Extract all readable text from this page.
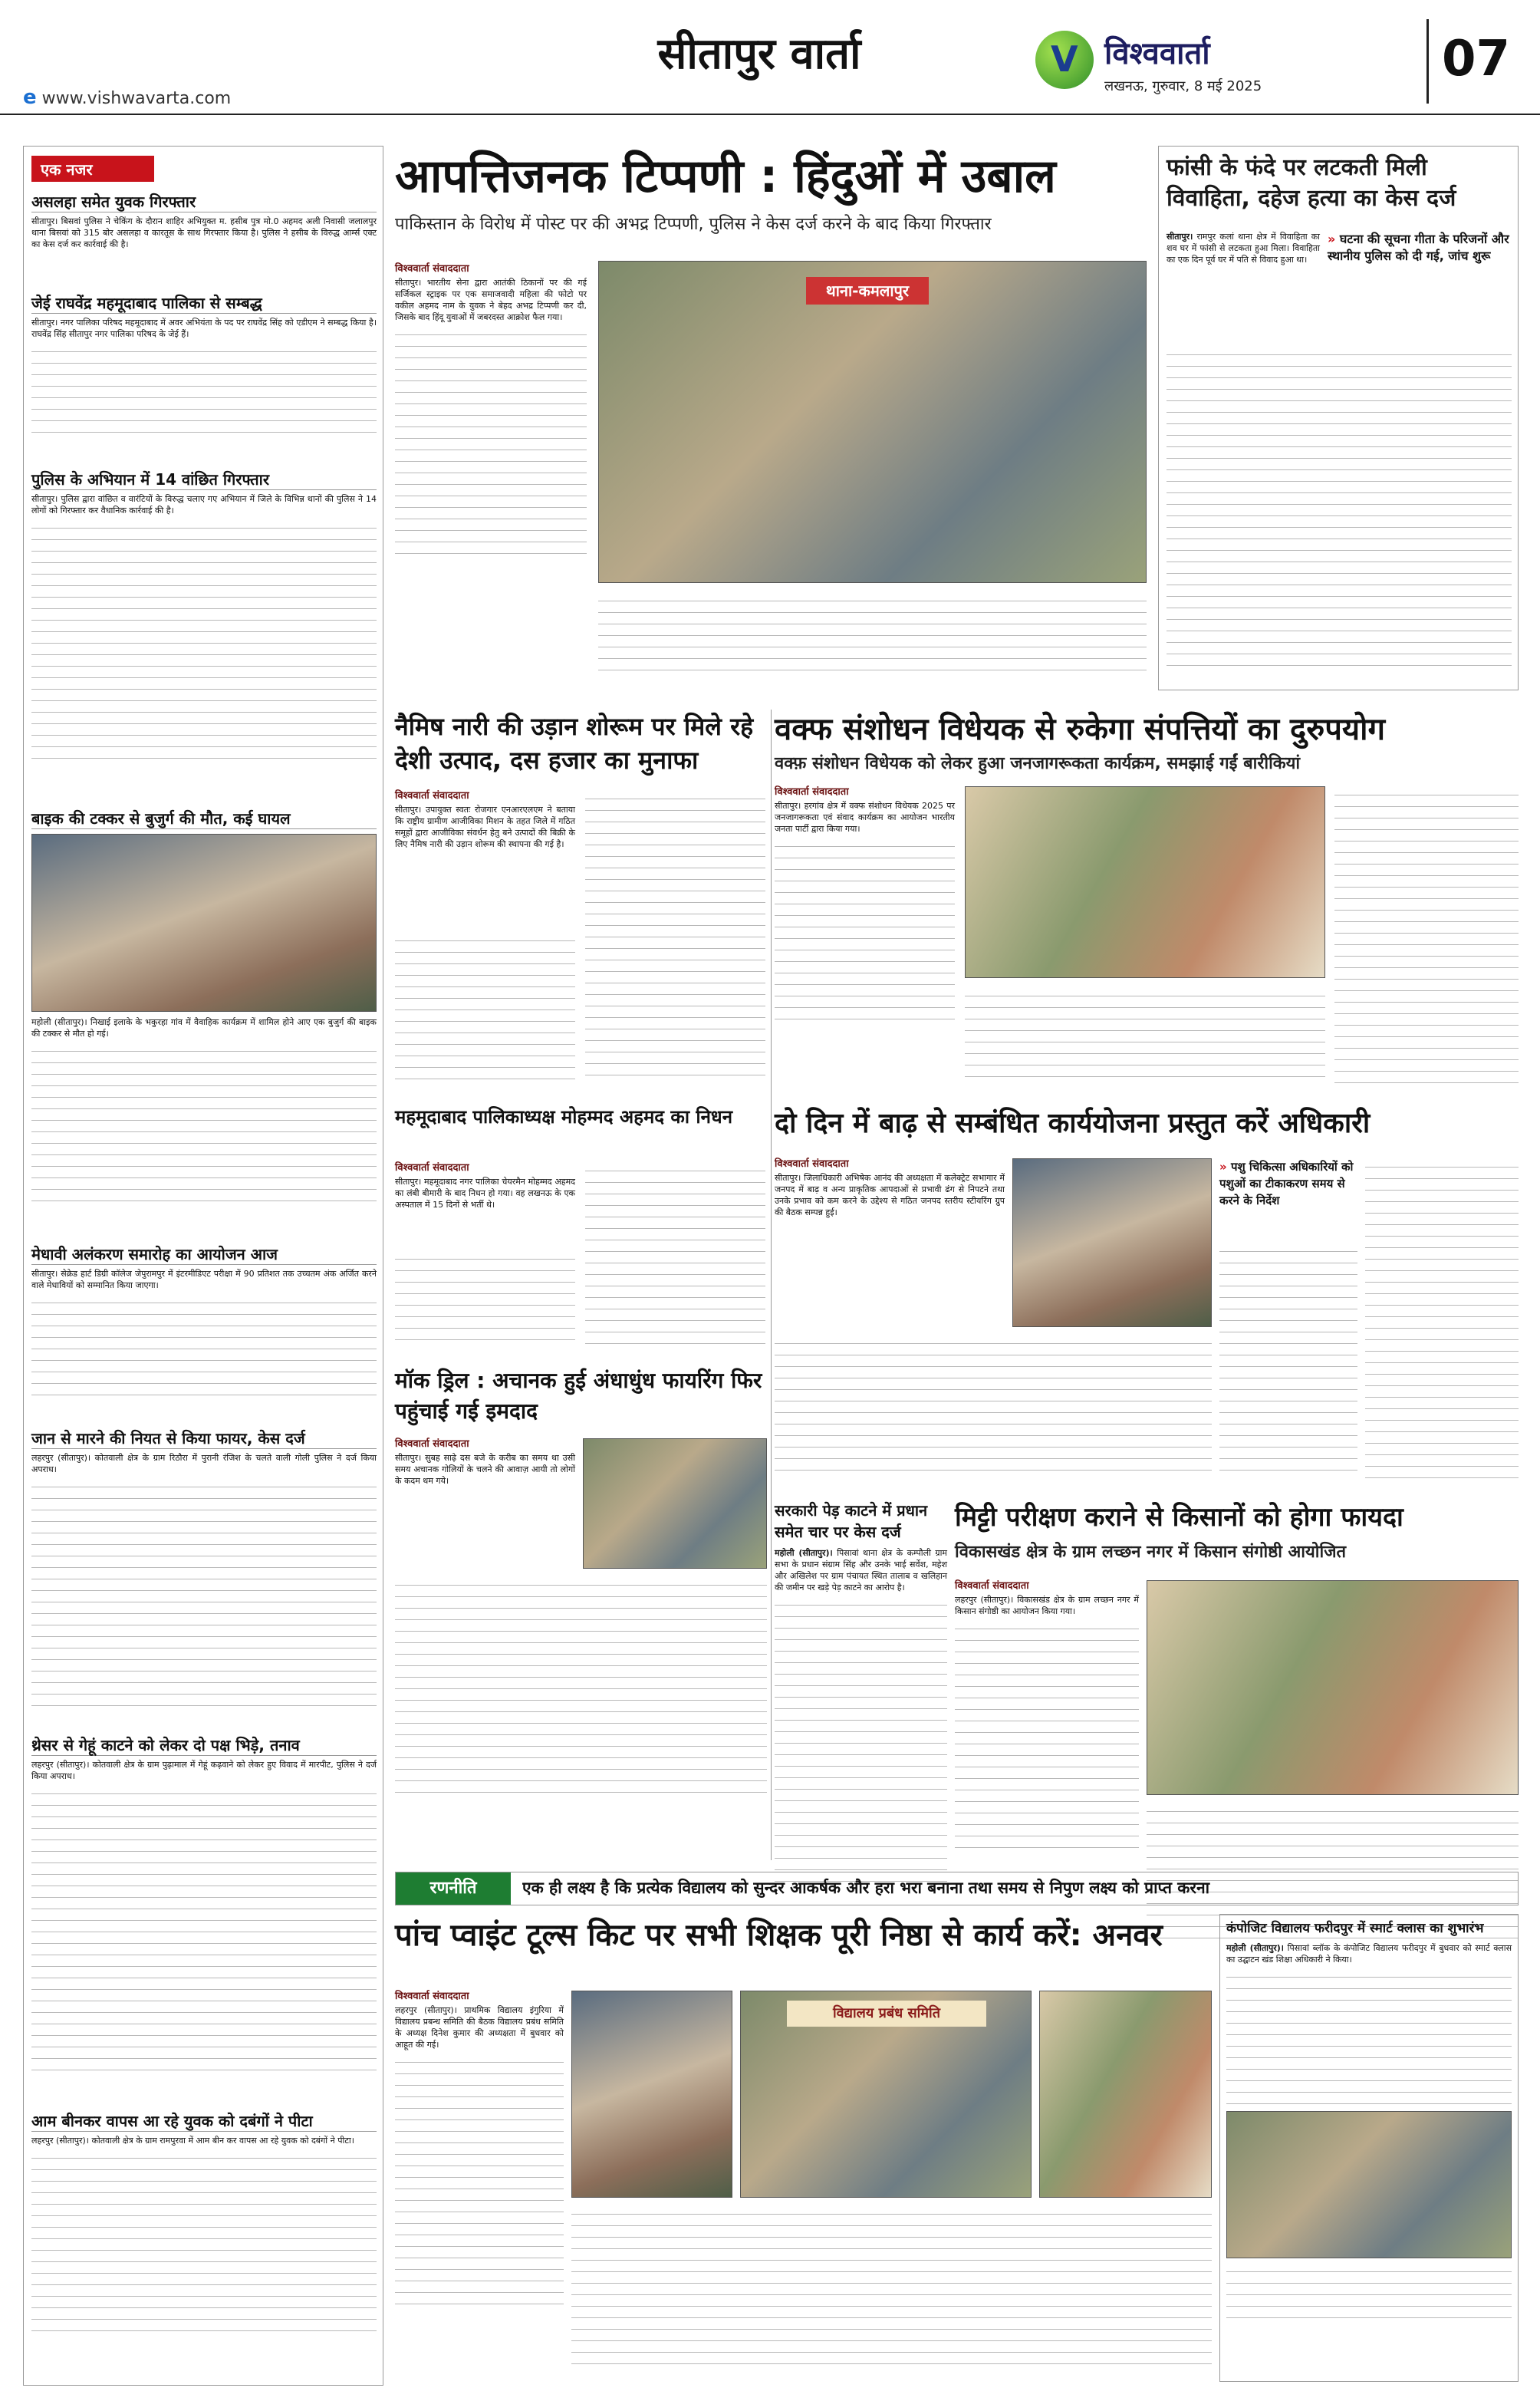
सीतापुर वार्ता
e www.vishwavarta.com
V विश्ववार्ता
लखनऊ, गुरुवार, 8 मई 2025	07
एक नजर
असलहा समेत युवक गिरफ्तार
सीतापुर। बिसवां पुलिस ने चेकिंग के दौरान शाहिर अभियुक्त म. हसीब पुत्र मो.0 अहमद अली निवासी जलालपुर थाना बिसवां को 315 बोर असलहा व कारतूस के साथ गिरफ्तार किया है। पुलिस ने हसीब के विरुद्ध आर्म्स एक्ट का केस दर्ज कर कार्रवाई की है।
जेई राघवेंद्र महमूदाबाद पालिका से सम्बद्ध
सीतापुर। नगर पालिका परिषद महमूदाबाद में अवर अभियंता के पद पर राघवेंद्र सिंह को एडीएम ने सम्बद्ध किया है। राघवेंद्र सिंह सीतापुर नगर पालिका परिषद के जेई हैं।
पुलिस के अभियान में 14 वांछित गिरफ्तार
सीतापुर। पुलिस द्वारा वांछित व वारंटियों के विरुद्ध चलाए गए अभियान में जिले के विभिन्न थानों की पुलिस ने 14 लोगों को गिरफ्तार कर वैधानिक कार्रवाई की है।
बाइक की टक्कर से बुजुर्ग की मौत, कई घायल
महोली (सीतापुर)। निखाई इलाके के भकुरहा गांव में वैवाहिक कार्यक्रम में शामिल होने आए एक बुजुर्ग की बाइक की टक्कर से मौत हो गई।
मेधावी अलंकरण समारोह का आयोजन आज
सीतापुर। सेक्रेड हार्ट डिग्री कॉलेज जेपुरामपुर में इंटरमीडिएट परीक्षा में 90 प्रतिशत तक उच्चतम अंक अर्जित करने वाले मेधावियों को सम्मानित किया जाएगा।
जान से मारने की नियत से किया फायर, केस दर्ज
लहरपुर (सीतापुर)। कोतवाली क्षेत्र के ग्राम रिठौरा में पुरानी रंजिश के चलते वाली गोली पुलिस ने दर्ज किया अपराध।
थ्रेसर से गेहूं काटने को लेकर दो पक्ष भिड़े, तनाव
लहरपुर (सीतापुर)। कोतवाली क्षेत्र के ग्राम पुढ़ामाल में गेहूं कढ़वाने को लेकर हुए विवाद में मारपीट, पुलिस ने दर्ज किया अपराध।
आम बीनकर वापस आ रहे युवक को दबंगों ने पीटा
लहरपुर (सीतापुर)। कोतवाली क्षेत्र के ग्राम रामपुरवा में आम बीन कर वापस आ रहे युवक को दबंगों ने पीटा।
आपत्तिजनक टिप्पणी : हिंदुओं में उबाल
पाकिस्तान के विरोध में पोस्ट पर की अभद्र टिप्पणी, पुलिस ने केस दर्ज करने के बाद किया गिरफ्तार
विश्ववार्ता संवाददाता
सीतापुर। भारतीय सेना द्वारा आतंकी ठिकानों पर की गई सर्जिकल स्ट्राइक पर एक समाजवादी महिला की फोटो पर वकील अहमद नाम के युवक ने बेहद अभद्र टिप्पणी कर दी, जिसके बाद हिंदू युवाओं में जबरदस्त आक्रोश फैल गया।
थाना-कमलापुर
फांसी के फंदे पर लटकती मिली विवाहिता, दहेज हत्या का केस दर्ज
सीतापुर। रामपुर कलां थाना क्षेत्र में विवाहिता का शव घर में फांसी से लटकता हुआ मिला। विवाहिता का एक दिन पूर्व घर में पति से विवाद हुआ था।
» घटना की सूचना गीता के परिजनों और स्थानीय पुलिस को दी गई, जांच शुरू
नैमिष नारी की उड़ान शोरूम पर मिले रहे देशी उत्पाद, दस हजार का मुनाफा
विश्ववार्ता संवाददाता
सीतापुर। उपायुक्त स्वतः रोजगार एनआरएलएम ने बताया कि राष्ट्रीय ग्रामीण आजीविका मिशन के तहत जिले में गठित समूहों द्वारा आजीविका संवर्धन हेतु बने उत्पादों की बिक्री के लिए नैमिष नारी की उड़ान शोरूम की स्थापना की गई है।
महमूदाबाद पालिकाध्यक्ष मोहम्मद अहमद का निधन
विश्ववार्ता संवाददाता
सीतापुर। महमूदाबाद नगर पालिका चेयरमैन मोहम्मद अहमद का लंबी बीमारी के बाद निधन हो गया। वह लखनऊ के एक अस्पताल में 15 दिनों से भर्ती थे।
वक्फ संशोधन विधेयक से रुकेगा संपत्तियों का दुरुपयोग
वक्फ़ संशोधन विधेयक को लेकर हुआ जनजागरूकता कार्यक्रम, समझाई गईं बारीकियां
विश्ववार्ता संवाददाता
सीतापुर। हरगांव क्षेत्र में वक्फ संशोधन विधेयक 2025 पर जनजागरूकता एवं संवाद कार्यक्रम का आयोजन भारतीय जनता पार्टी द्वारा किया गया।
दो दिन में बाढ़ से सम्बंधित कार्ययोजना प्रस्तुत करें अधिकारी
विश्ववार्ता संवाददाता
सीतापुर। जिलाधिकारी अभिषेक आनंद की अध्यक्षता में कलेक्ट्रेट सभागार में जनपद में बाढ़ व अन्य प्राकृतिक आपदाओं से प्रभावी ढंग से निपटने तथा उनके प्रभाव को कम करने के उद्देश्य से गठित जनपद स्तरीय स्टीयरिंग ग्रुप की बैठक सम्पन्न हुई।
» पशु चिकित्सा अधिकारियों को पशुओं का टीकाकरण समय से करने के निर्देश
मॉक ड्रिल : अचानक हुई अंधाधुंध फायरिंग फिर पहुंचाई गई इमदाद
विश्ववार्ता संवाददाता
सीतापुर। सुबह साढ़े दस बजे के करीब का समय था उसी समय अचानक गोलियों के चलने की आवाज़ आयी तो लोगों के कदम थम गये।
सरकारी पेड़ काटने में प्रधान समेत चार पर केस दर्ज
महोली (सीतापुर)। पिसावां थाना क्षेत्र के कम्पौली ग्राम सभा के प्रधान संग्राम सिंह और उनके भाई सर्वेश, महेश और अखिलेश पर ग्राम पंचायत स्थित तालाब व खलिहान की जमीन पर खड़े पेड़ काटने का आरोप है।
मिट्टी परीक्षण कराने से किसानों को होगा फायदा
विकासखंड क्षेत्र के ग्राम लच्छन नगर में किसान संगोष्ठी आयोजित
विश्ववार्ता संवाददाता
लहरपुर (सीतापुर)। विकासखंड क्षेत्र के ग्राम लच्छन नगर में किसान संगोष्ठी का आयोजन किया गया।
रणनीति	एक ही लक्ष्य है कि प्रत्येक विद्यालय को सुन्दर आकर्षक और हरा भरा बनाना तथा समय से निपुण लक्ष्य को प्राप्त करना
पांच प्वाइंट टूल्स किट पर सभी शिक्षक पूरी निष्ठा से कार्य करें: अनवर
विश्ववार्ता संवाददाता
लहरपुर (सीतापुर)। प्राथमिक विद्यालय इंगुरिया में विद्यालय प्रबन्ध समिति की बैठक विद्यालय प्रबंध समिति के अध्यक्ष दिनेश कुमार की अध्यक्षता में बुधवार को आहूत की गई।
विद्यालय प्रबंध समिति
कंपोजिट विद्यालय फरीदपुर में स्मार्ट क्लास का शुभारंभ
महोली (सीतापुर)। पिसावां ब्लॉक के कंपोजिट विद्यालय फरीदपुर में बुधवार को स्मार्ट क्लास का उद्घाटन खंड शिक्षा अधिकारी ने किया।
